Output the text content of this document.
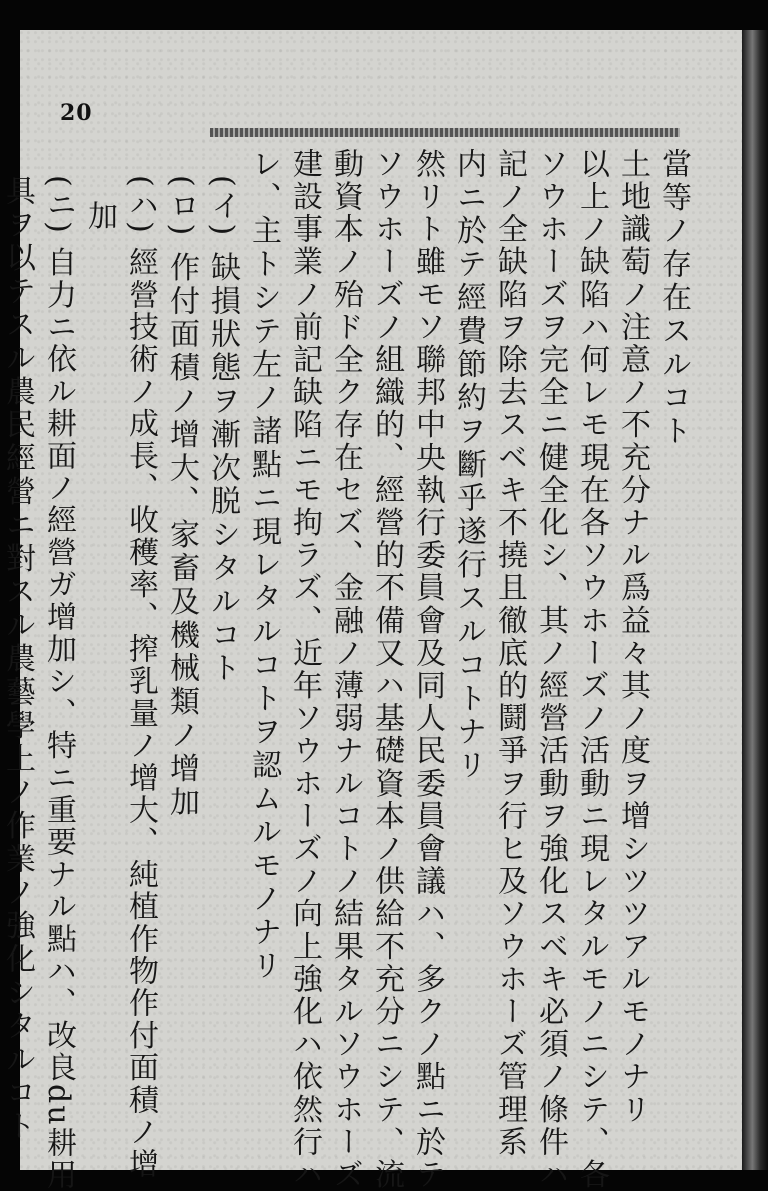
20
當等ノ存在スルコト
土地識萄ノ注意ノ不充分ナル爲益々其ノ度ヲ增シツツアルモノナリ
以上ノ缺陷ハ何レモ現在各ソウホーズノ活動ニ現レタルモノニシテ、各
ソウホーズヲ完全ニ健全化シ、其ノ經營活動ヲ強化スベキ必須ノ條件ハ
記ノ全缺陷ヲ除去スベキ不撓且徹底的鬪爭ヲ行ヒ及ソウホーズ管理系
内ニ於テ經費節約ヲ斷乎遂行スルコトナリ
然リト雖モソ聯邦中央執行委員會及同人民委員會議ハ、多クノ點ニ於テ
ソウホーズノ組織的、經營的不備又ハ基礎資本ノ供給不充分ニシテ、流
動資本ノ殆ド全ク存在セズ、金融ノ薄弱ナルコトノ結果タルソウホーズ
建設事業ノ前記缺陷ニモ拘ラズ、近年ソウホーズノ向上強化ハ依然行ハ
レ、主トシテ左ノ諸點ニ現レタルコトヲ認ムルモノナリ
(イ) 缺損狀態ヲ漸次脱シタルコト
(ロ) 作付面積ノ增大、家畜及機械類ノ增加
(ハ) 經營技術ノ成長、收穫率、搾乳量ノ增大、純植作物作付面積ノ增
加
(ニ) 自力ニ依ル耕面ノ經營ガ增加シ、特ニ重要ナル點ハ、改良du耕用
具ヲ以テスル農民經營ニ對スル農藝學上ノ作業ノ強化シタルコト
